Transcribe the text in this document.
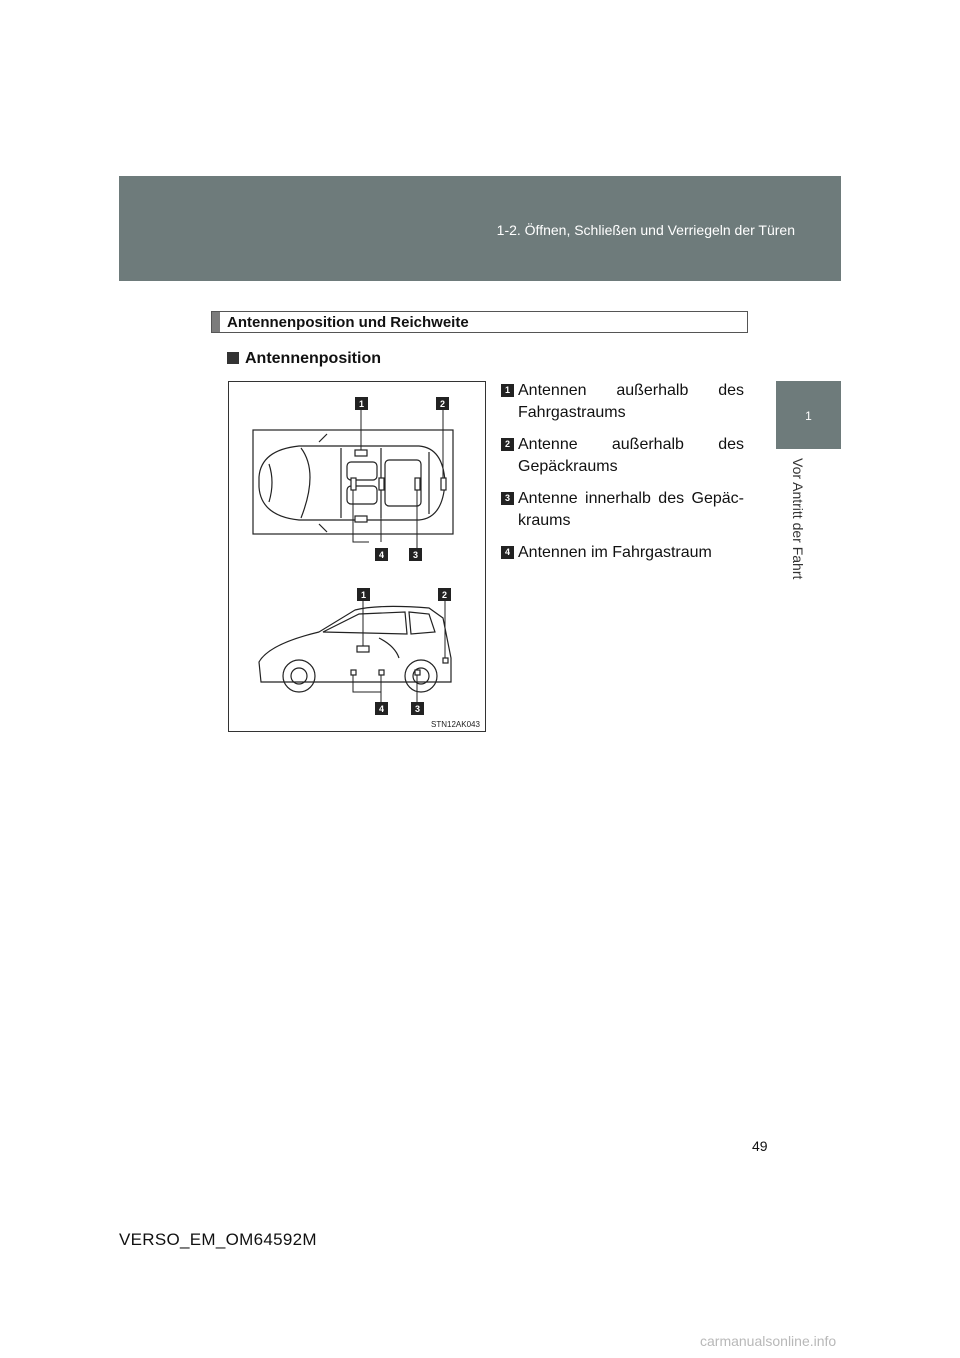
1-2. Öffnen, Schließen und Verriegeln der Türen
1
Vor Antritt der Fahrt
Antennenposition und Reichweite
Antennenposition
1	2
4	3
1	2
4	3
STN12AK043
1 Antennen außerhalb des
Fahrgastraums
2 Antenne außerhalb des
Gepäckraums
3 Antenne innerhalb des Gepäc-
kraums
4 Antennen im Fahrgastraum
49
VERSO_EM_OM64592M
carmanualsonline.info
